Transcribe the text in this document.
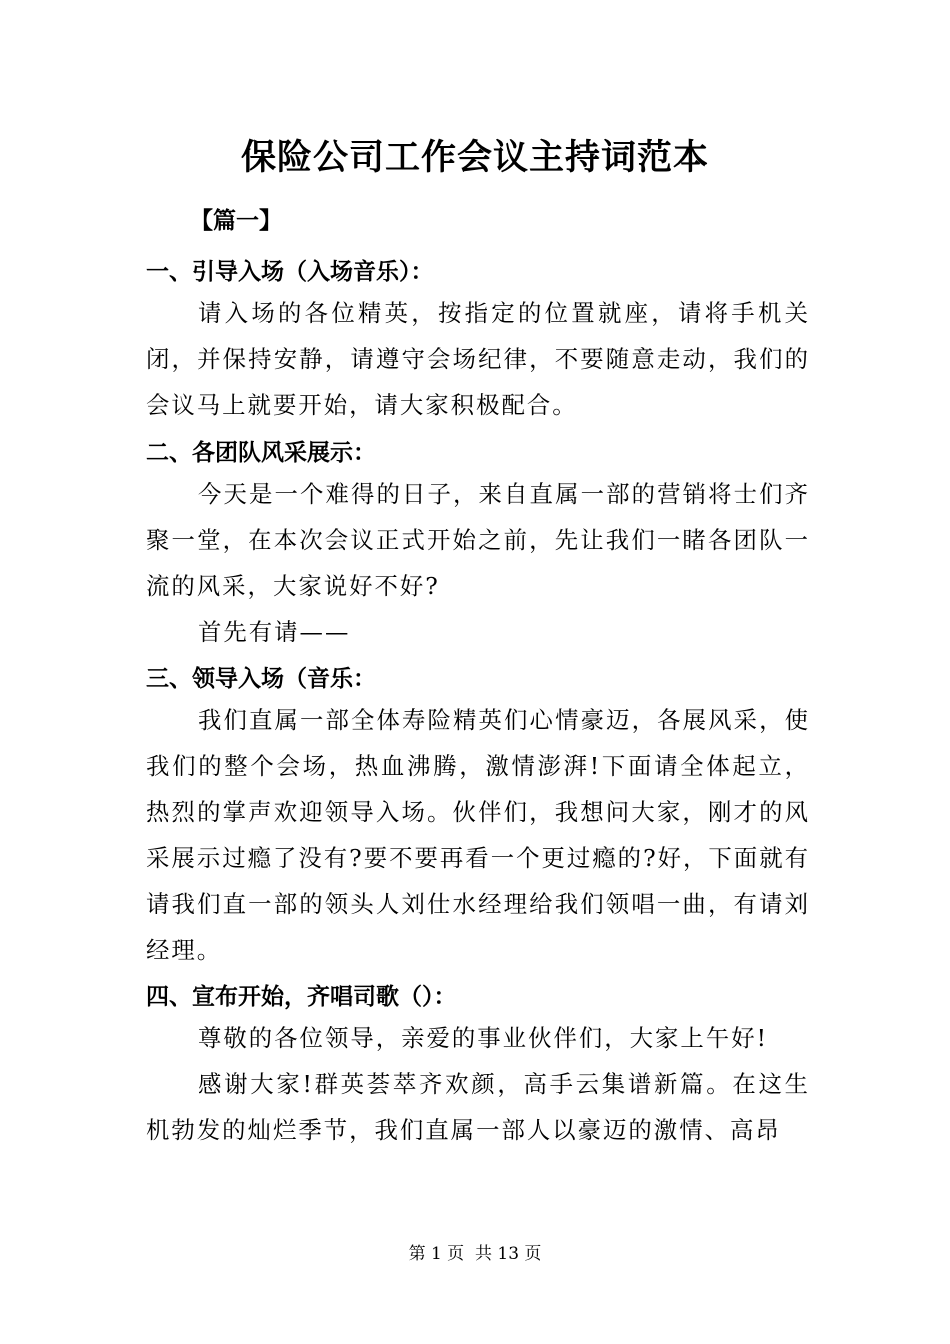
保险公司工作会议主持词范本
【篇一】
一、引导入场（入场音乐）：

请入场的各位精英，按指定的位置就座，请将手机关闭，并保持安静，请遵守会场纪律，不要随意走动，我们的会议马上就要开始，请大家积极配合。

二、各团队风采展示：

今天是一个难得的日子，来自直属一部的营销将士们齐聚一堂，在本次会议正式开始之前，先让我们一睹各团队一流的风采，大家说好不好?

首先有请——

三、领导入场（音乐：

我们直属一部全体寿险精英们心情豪迈，各展风采，使我们的整个会场，热血沸腾，激情澎湃!下面请全体起立，热烈的掌声欢迎领导入场。伙伴们，我想问大家，刚才的风采展示过瘾了没有?要不要再看一个更过瘾的?好，下面就有请我们直一部的领头人刘仕水经理给我们领唱一曲，有请刘经理。

四、宣布开始，齐唱司歌（）：

尊敬的各位领导，亲爱的事业伙伴们，大家上午好!

感谢大家!群英荟萃齐欢颜，高手云集谱新篇。在这生机勃发的灿烂季节，我们直属一部人以豪迈的激情、高昂

第 1 页  共 13 页
